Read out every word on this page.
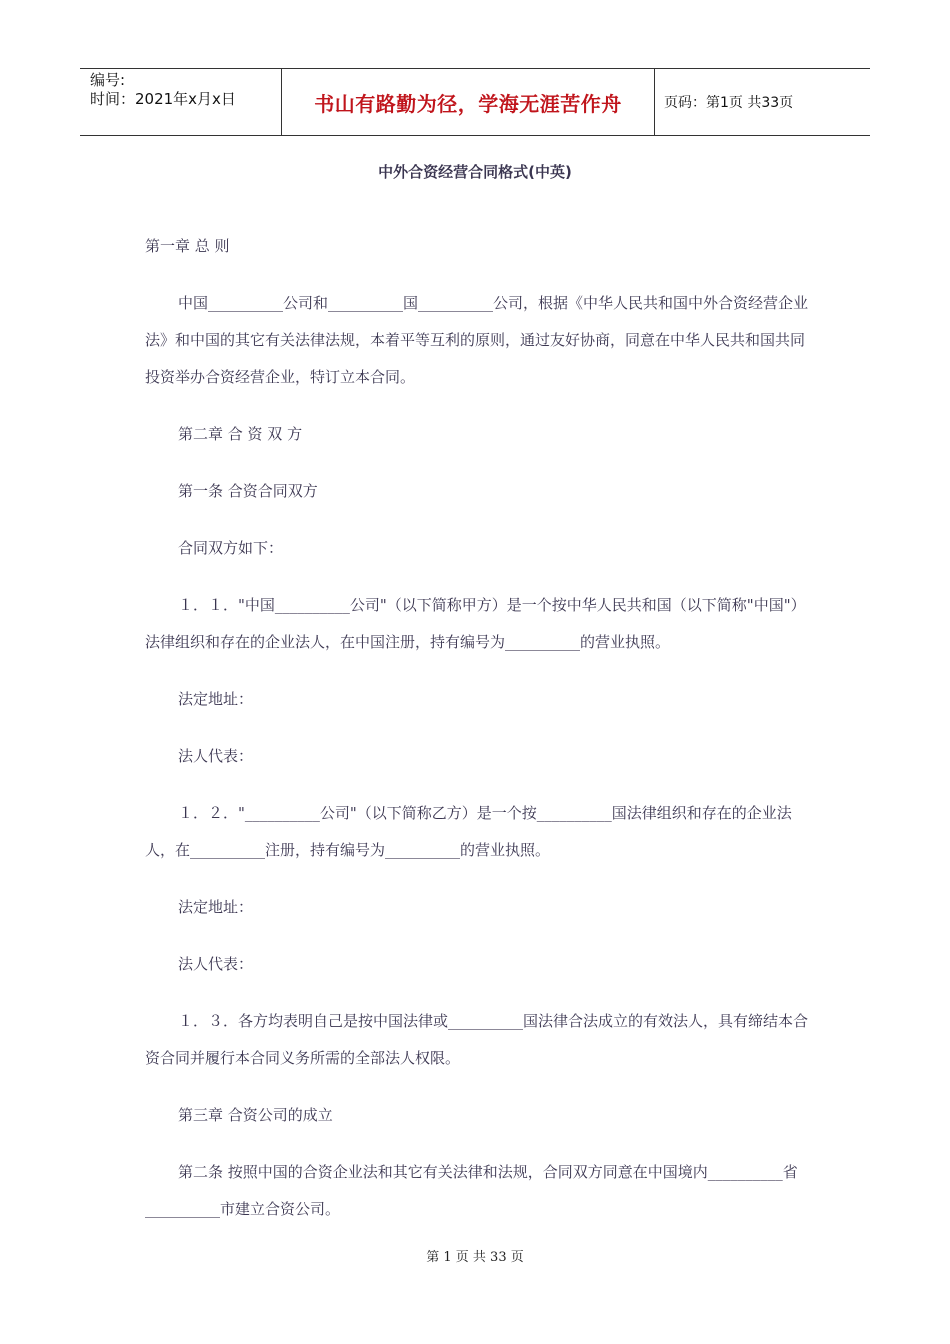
编号:
时间：2021年x月x日	书山有路勤为径，学海无涯苦作舟	页码：第1页 共33页
中外合资经营合同格式(中英)

第一章 总 则

中国__________公司和__________国__________公司，根据《中华人民共和国中外合资经营企业法》和中国的其它有关法律法规，本着平等互利的原则，通过友好协商，同意在中华人民共和国共同投资举办合资经营企业，特订立本合同。

第二章 合 资 双 方

第一条 合资合同双方

合同双方如下：

１．１．"中国__________公司"（以下简称甲方）是一个按中华人民共和国（以下简称"中国"）法律组织和存在的企业法人，在中国注册，持有编号为__________的营业执照。

法定地址：

法人代表：

１．２．"__________公司"（以下简称乙方）是一个按__________国法律组织和存在的企业法人，在__________注册，持有编号为__________的营业执照。

法定地址：

法人代表：

１．３．各方均表明自己是按中国法律或__________国法律合法成立的有效法人，具有缔结本合资合同并履行本合同义务所需的全部法人权限。

第三章 合资公司的成立

第二条 按照中国的合资企业法和其它有关法律和法规，合同双方同意在中国境内__________省__________市建立合资公司。

第 1 页 共 33 页
